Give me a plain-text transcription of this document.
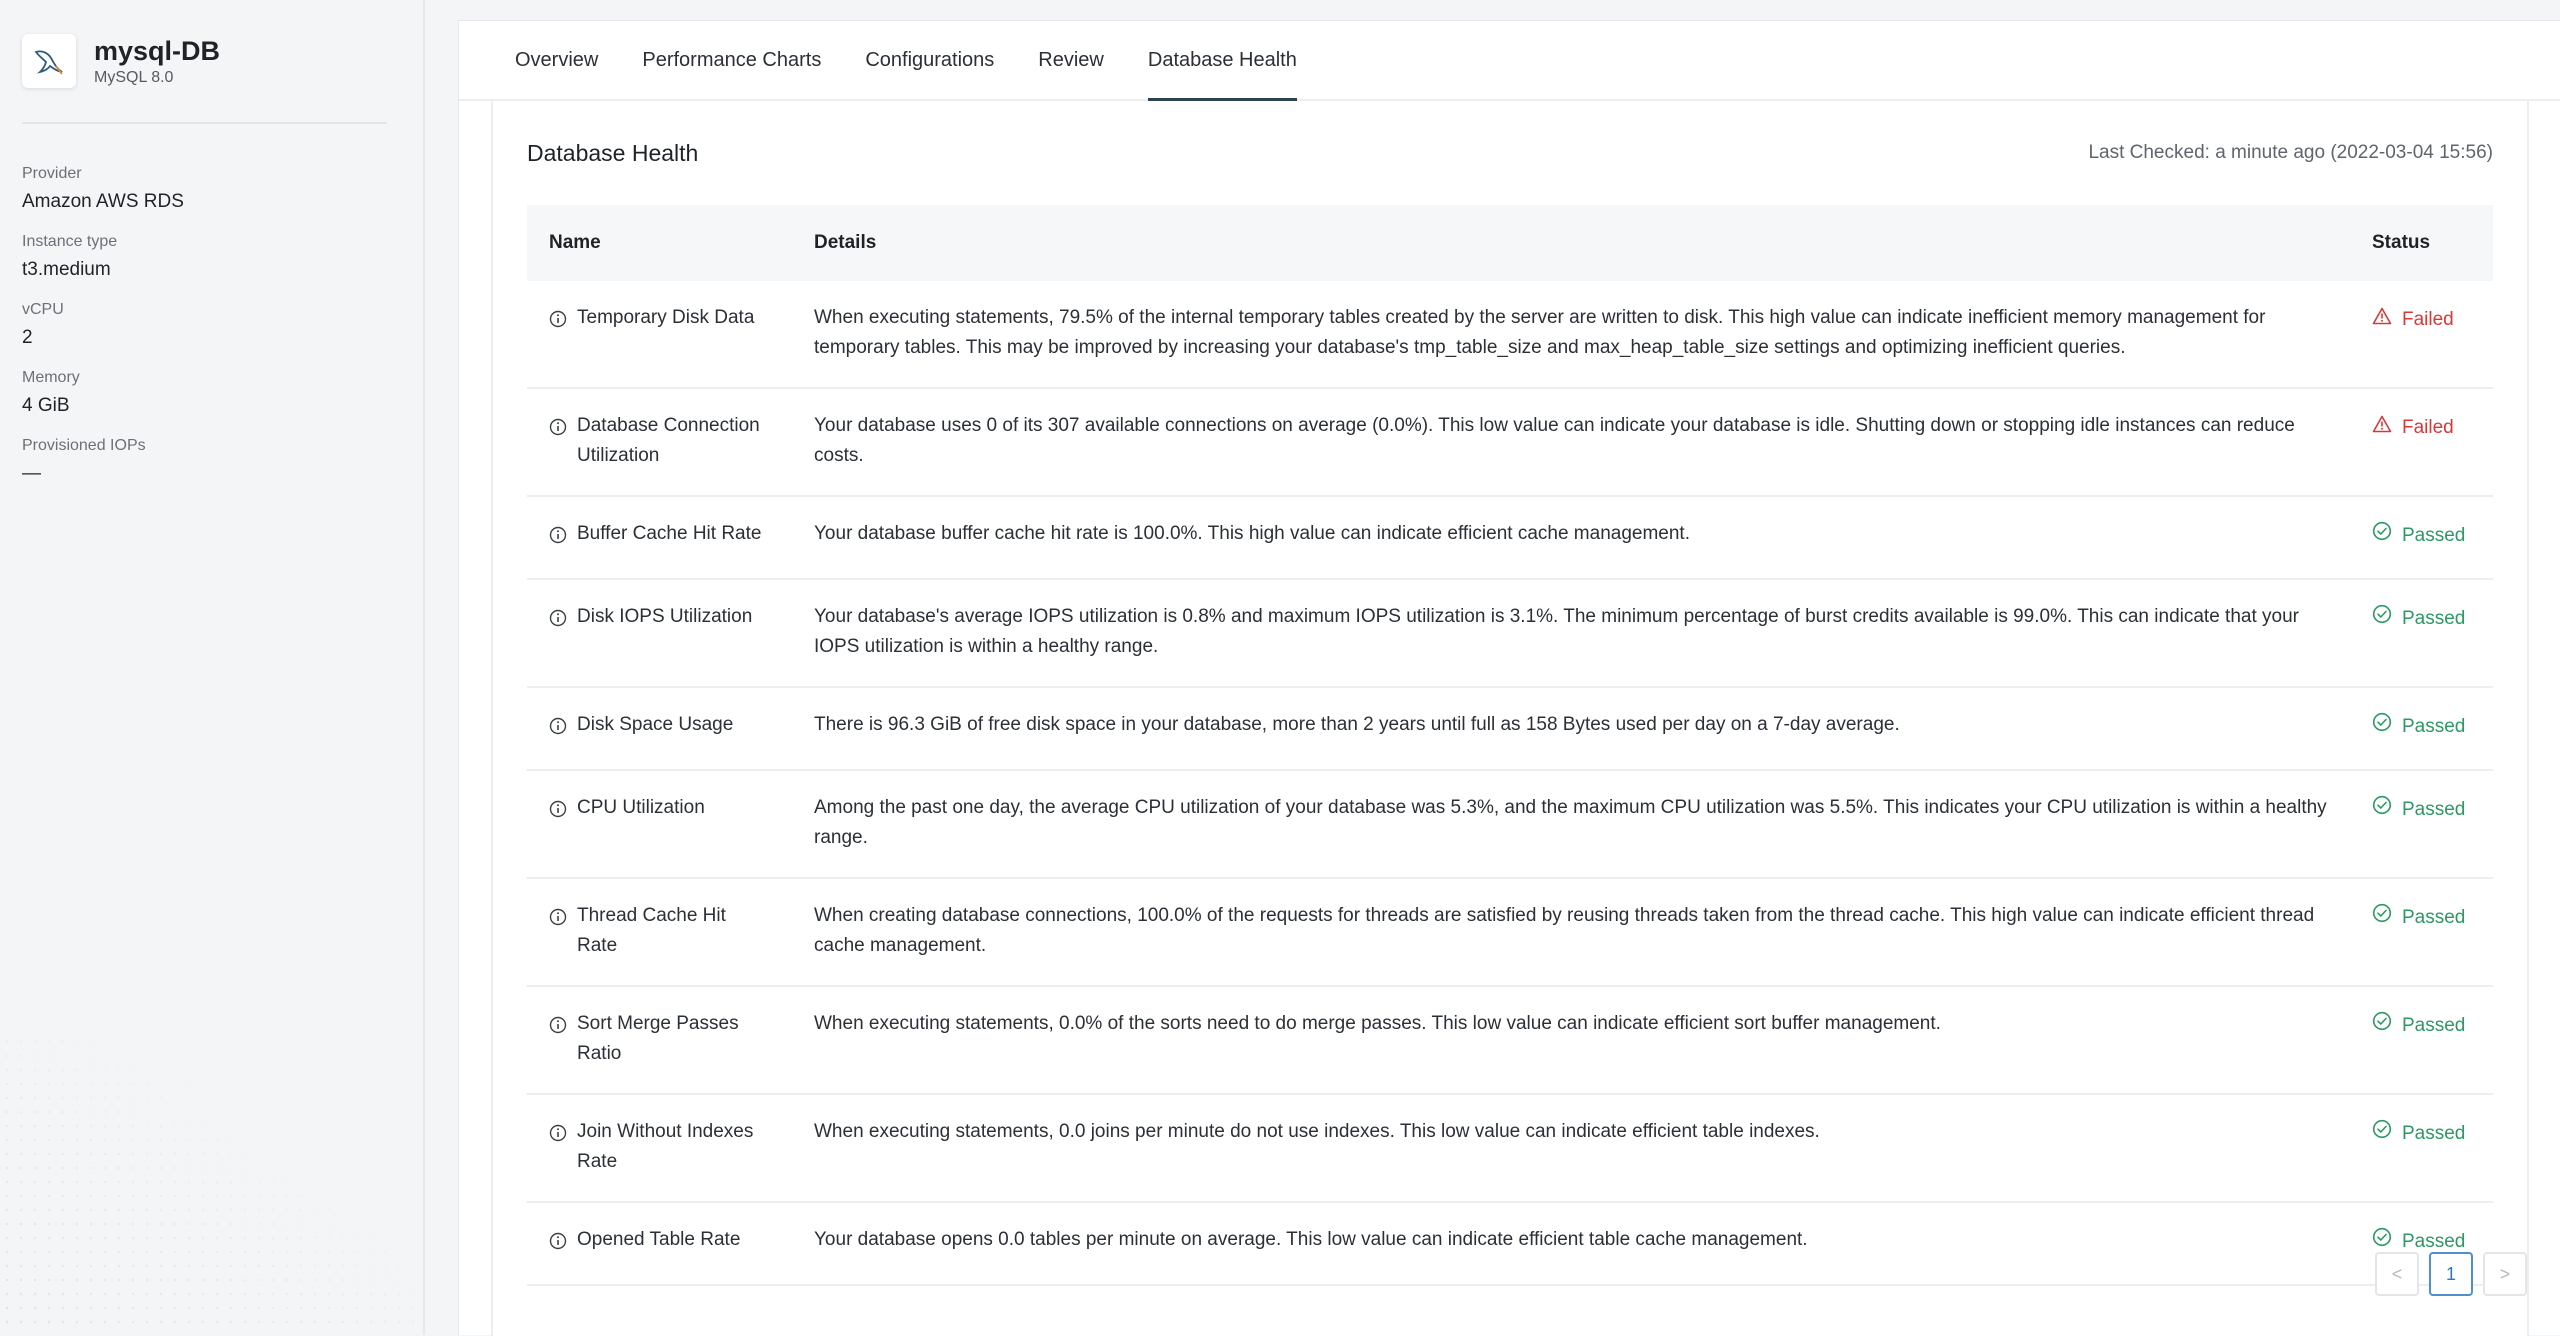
mysql-DB
MySQL 8.0
Provider
Amazon AWS RDS
Instance type
t3.medium
vCPU
2
Memory
4 GiB
Provisioned IOPs
—
Overview	Performance Charts	Configurations	Review	Database Health
Database Health	Last Checked: a minute ago (2022-03-04 15:56)
Name	Details	Status

Temporary Disk Data	When executing statements, 79.5% of the internal temporary tables created by the server are written to disk. This high value can indicate inefficient memory management for temporary tables. This may be improved by increasing your database's tmp_table_size and max_heap_table_size settings and optimizing inefficient queries.	Failed

Database Connection Utilization	Your database uses 0 of its 307 available connections on average (0.0%). This low value can indicate your database is idle. Shutting down or stopping idle instances can reduce costs.	Failed

Buffer Cache Hit Rate	Your database buffer cache hit rate is 100.0%. This high value can indicate efficient cache management.	Passed

Disk IOPS Utilization	Your database's average IOPS utilization is 0.8% and maximum IOPS utilization is 3.1%. The minimum percentage of burst credits available is 99.0%. This can indicate that your IOPS utilization is within a healthy range.	Passed

Disk Space Usage	There is 96.3 GiB of free disk space in your database, more than 2 years until full as 158 Bytes used per day on a 7-day average.	Passed

CPU Utilization	Among the past one day, the average CPU utilization of your database was 5.3%, and the maximum CPU utilization was 5.5%. This indicates your CPU utilization is within a healthy range.	Passed

Thread Cache Hit Rate	When creating database connections, 100.0% of the requests for threads are satisfied by reusing threads taken from the thread cache. This high value can indicate efficient thread cache management.	Passed

Sort Merge Passes Ratio	When executing statements, 0.0% of the sorts need to do merge passes. This low value can indicate efficient sort buffer management.	Passed

Join Without Indexes Rate	When executing statements, 0.0 joins per minute do not use indexes. This low value can indicate efficient table indexes.	Passed

Opened Table Rate	Your database opens 0.0 tables per minute on average. This low value can indicate efficient table cache management.	Passed
<	1	>
